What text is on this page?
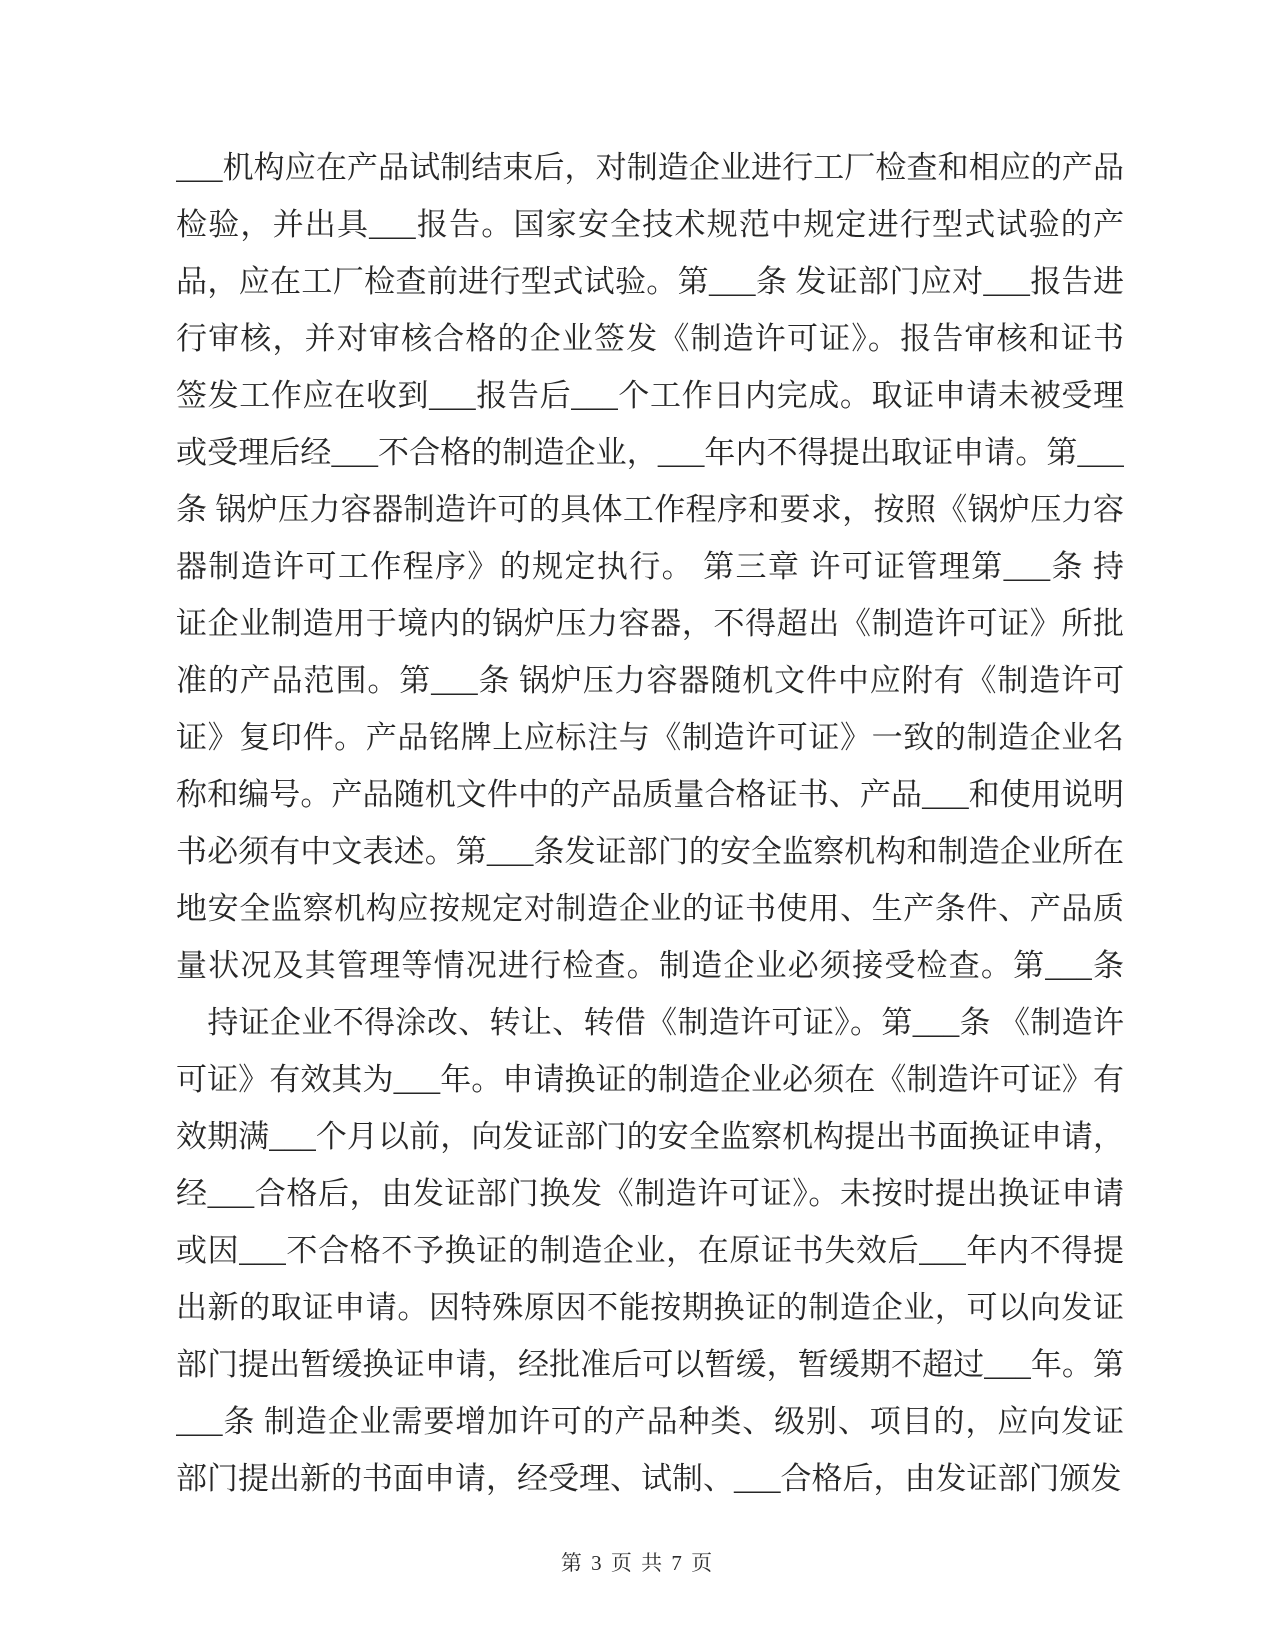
___机构应在产品试制结束后，对制造企业进行工厂检查和相应的产品
检验，并出具___报告。国家安全技术规范中规定进行型式试验的产
品，应在工厂检查前进行型式试验。第___条 发证部门应对___报告进
行审核，并对审核合格的企业签发《制造许可证》。报告审核和证书
签发工作应在收到___报告后___个工作日内完成。取证申请未被受理
或受理后经___不合格的制造企业，___年内不得提出取证申请。第___
条 锅炉压力容器制造许可的具体工作程序和要求，按照《锅炉压力容
器制造许可工作程序》的规定执行。 第三章 许可证管理第___条 持
证企业制造用于境内的锅炉压力容器，不得超出《制造许可证》所批
准的产品范围。第___条 锅炉压力容器随机文件中应附有《制造许可
证》复印件。产品铭牌上应标注与《制造许可证》一致的制造企业名
称和编号。产品随机文件中的产品质量合格证书、产品___和使用说明
书必须有中文表述。第___条发证部门的安全监察机构和制造企业所在
地安全监察机构应按规定对制造企业的证书使用、生产条件、产品质
量状况及其管理等情况进行检查。制造企业必须接受检查。第___条
　持证企业不得涂改、转让、转借《制造许可证》。第___条 《制造许
可证》有效其为___年。申请换证的制造企业必须在《制造许可证》有
效期满___个月以前，向发证部门的安全监察机构提出书面换证申请，
经___合格后，由发证部门换发《制造许可证》。未按时提出换证申请
或因___不合格不予换证的制造企业，在原证书失效后___年内不得提
出新的取证申请。因特殊原因不能按期换证的制造企业，可以向发证
部门提出暂缓换证申请，经批准后可以暂缓，暂缓期不超过___年。第
___条 制造企业需要增加许可的产品种类、级别、项目的，应向发证
部门提出新的书面申请，经受理、试制、___合格后，由发证部门颁发
第 3 页 共 7 页
